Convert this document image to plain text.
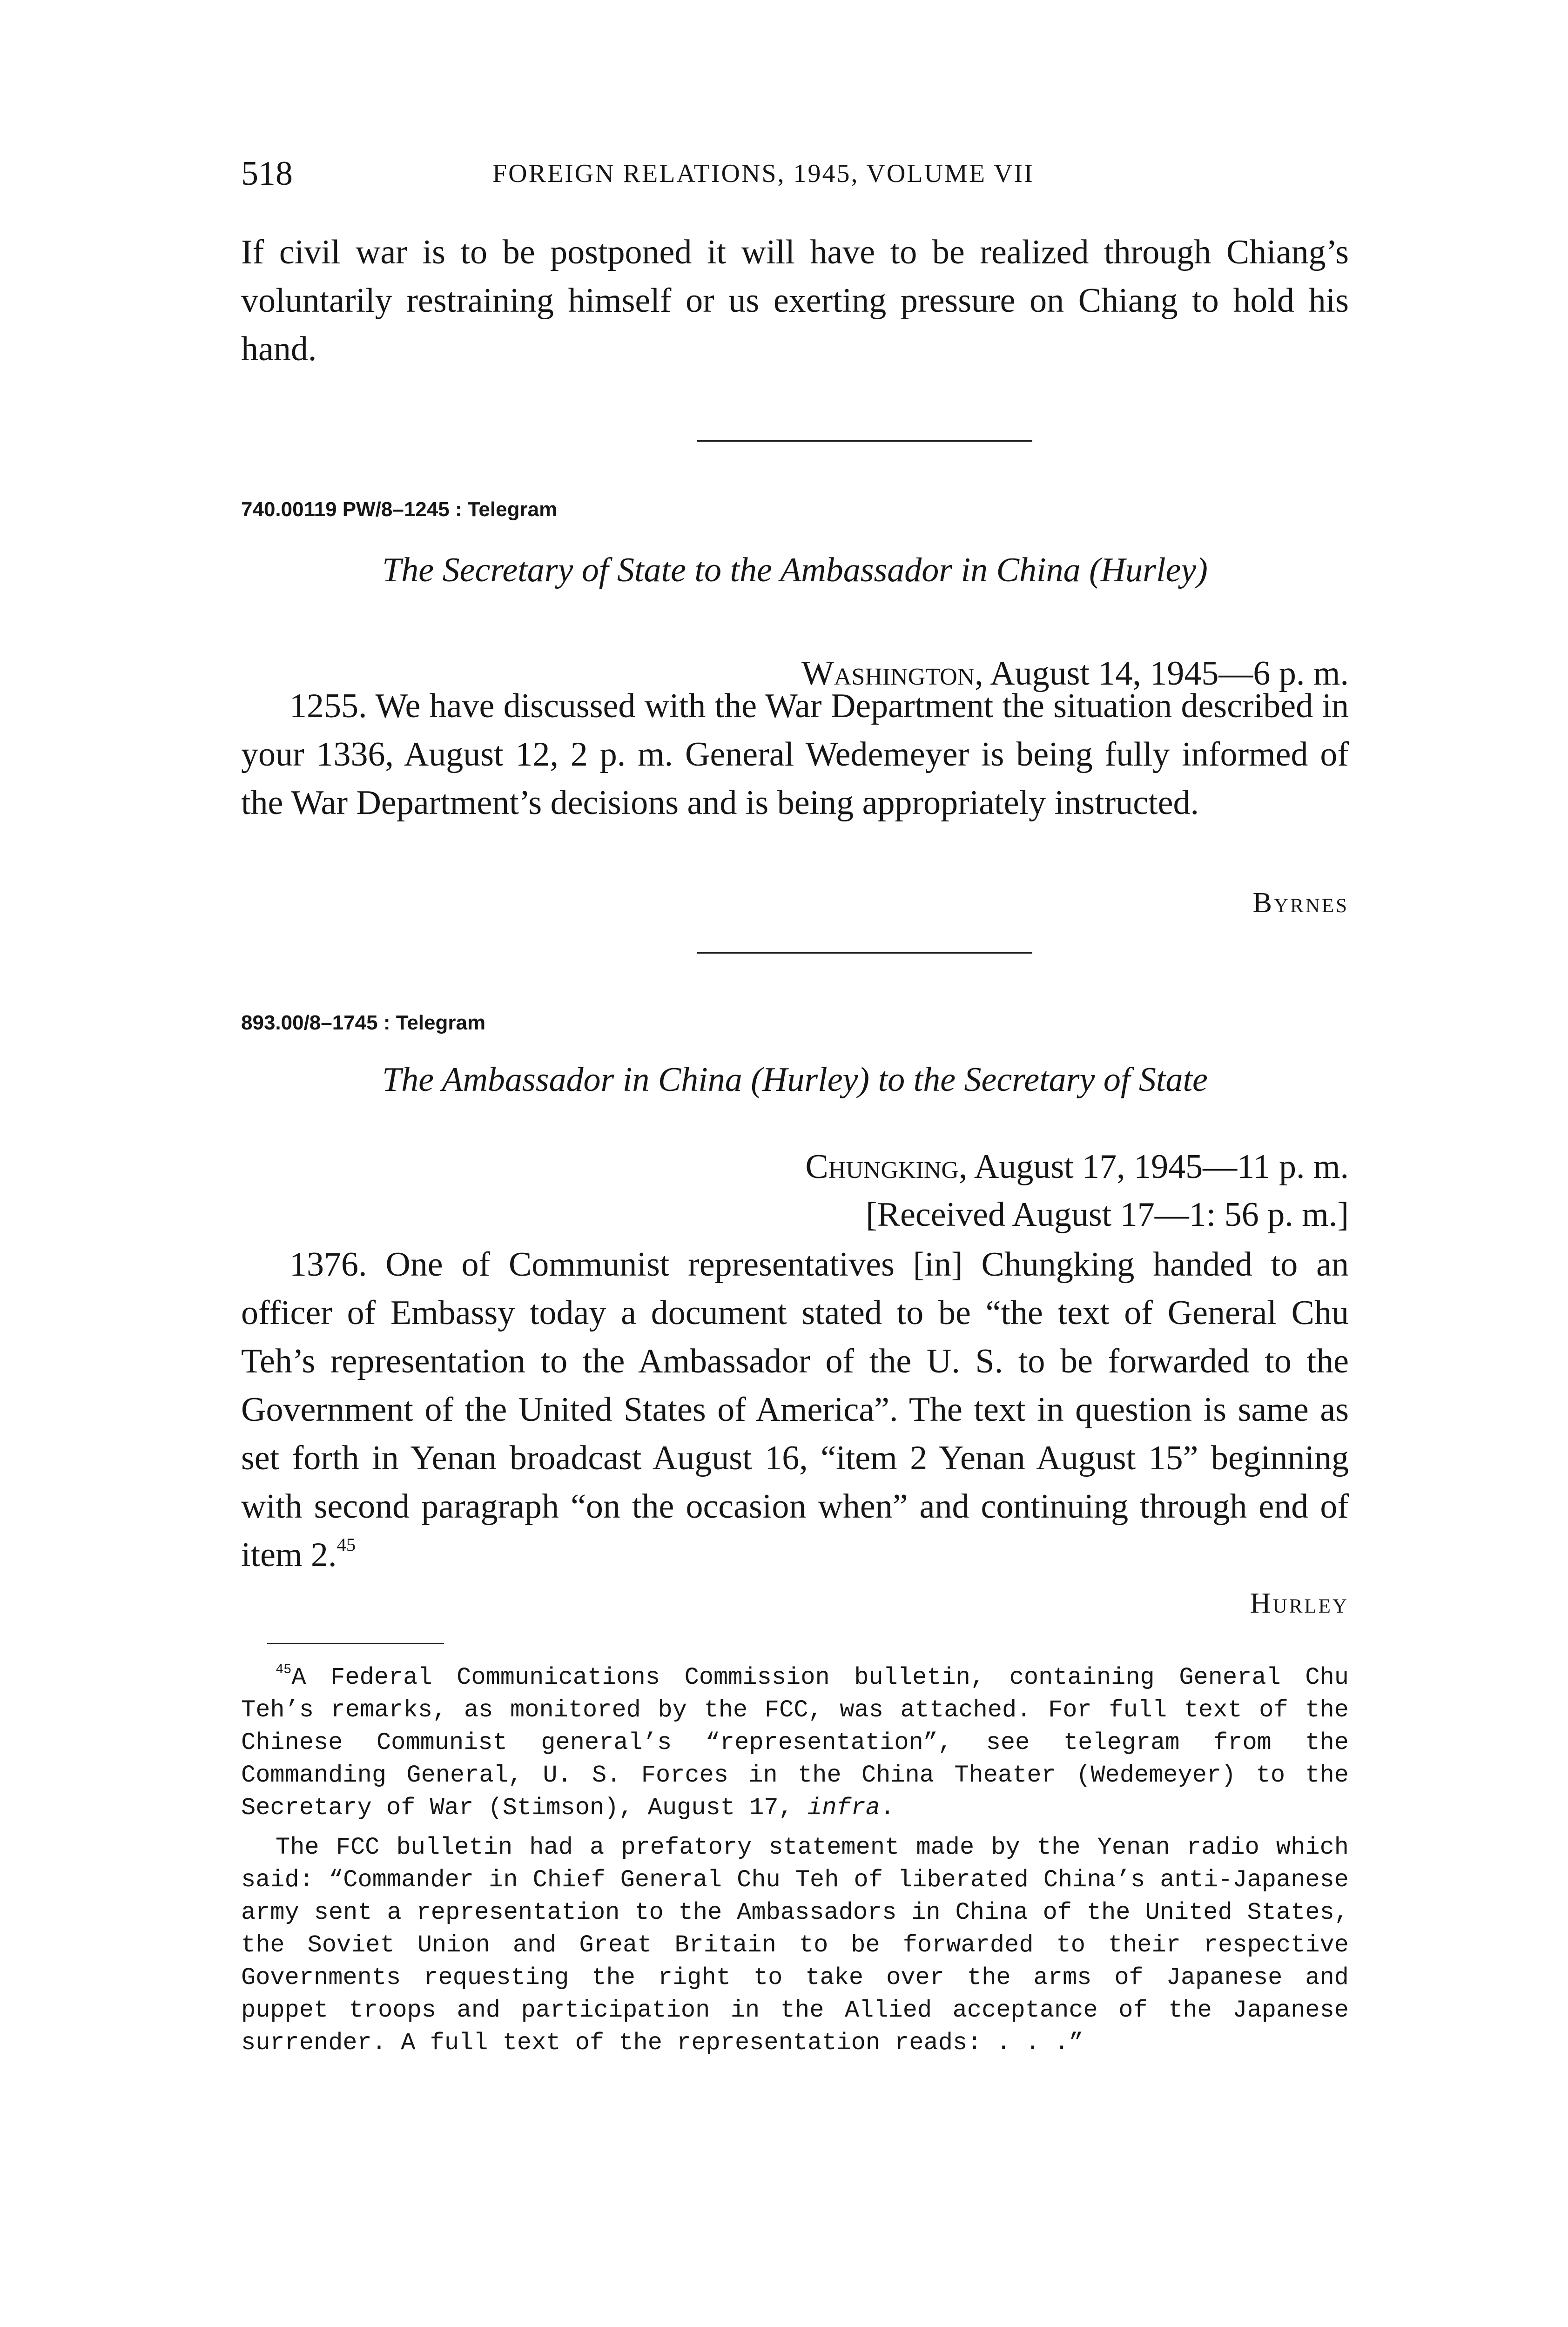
518	FOREIGN RELATIONS, 1945, VOLUME VII

If civil war is to be postponed it will have to be realized through Chiang’s voluntarily restraining himself or us exerting pressure on Chiang to hold his hand.

740.00119 PW/8–1245 : Telegram
The Secretary of State to the Ambassador in China (Hurley)
Washington, August 14, 1945—6 p. m.

1255. We have discussed with the War Department the situation described in your 1336, August 12, 2 p. m. General Wedemeyer is being fully informed of the War Department’s decisions and is being appropriately instructed.

Byrnes
893.00/8–1745 : Telegram
The Ambassador in China (Hurley) to the Secretary of State
Chungking, August 17, 1945—11 p. m.
[Received August 17—1: 56 p. m.]

1376. One of Communist representatives [in] Chungking handed to an officer of Embassy today a document stated to be “the text of General Chu Teh’s representation to the Ambassador of the U. S. to be forwarded to the Government of the United States of America”. The text in question is same as set forth in Yenan broadcast August 16, “item 2 Yenan August 15” beginning with second paragraph “on the occasion when” and continuing through end of item 2.45

Hurley

$^{45}$A Federal Communications Commission bulletin, containing General Chu Teh’s remarks, as monitored by the FCC, was attached. For full text of the Chinese Communist general’s “representation”, see telegram from the Commanding General, U. S. Forces in the China Theater (Wedemeyer) to the Secretary of War (Stimson), August 17, infra.

The FCC bulletin had a prefatory statement made by the Yenan radio which said: “Commander in Chief General Chu Teh of liberated China’s anti-Japanese army sent a representation to the Ambassadors in China of the United States, the Soviet Union and Great Britain to be forwarded to their respective Governments requesting the right to take over the arms of Japanese and puppet troops and participation in the Allied acceptance of the Japanese surrender. A full text of the representation reads: . . .”
